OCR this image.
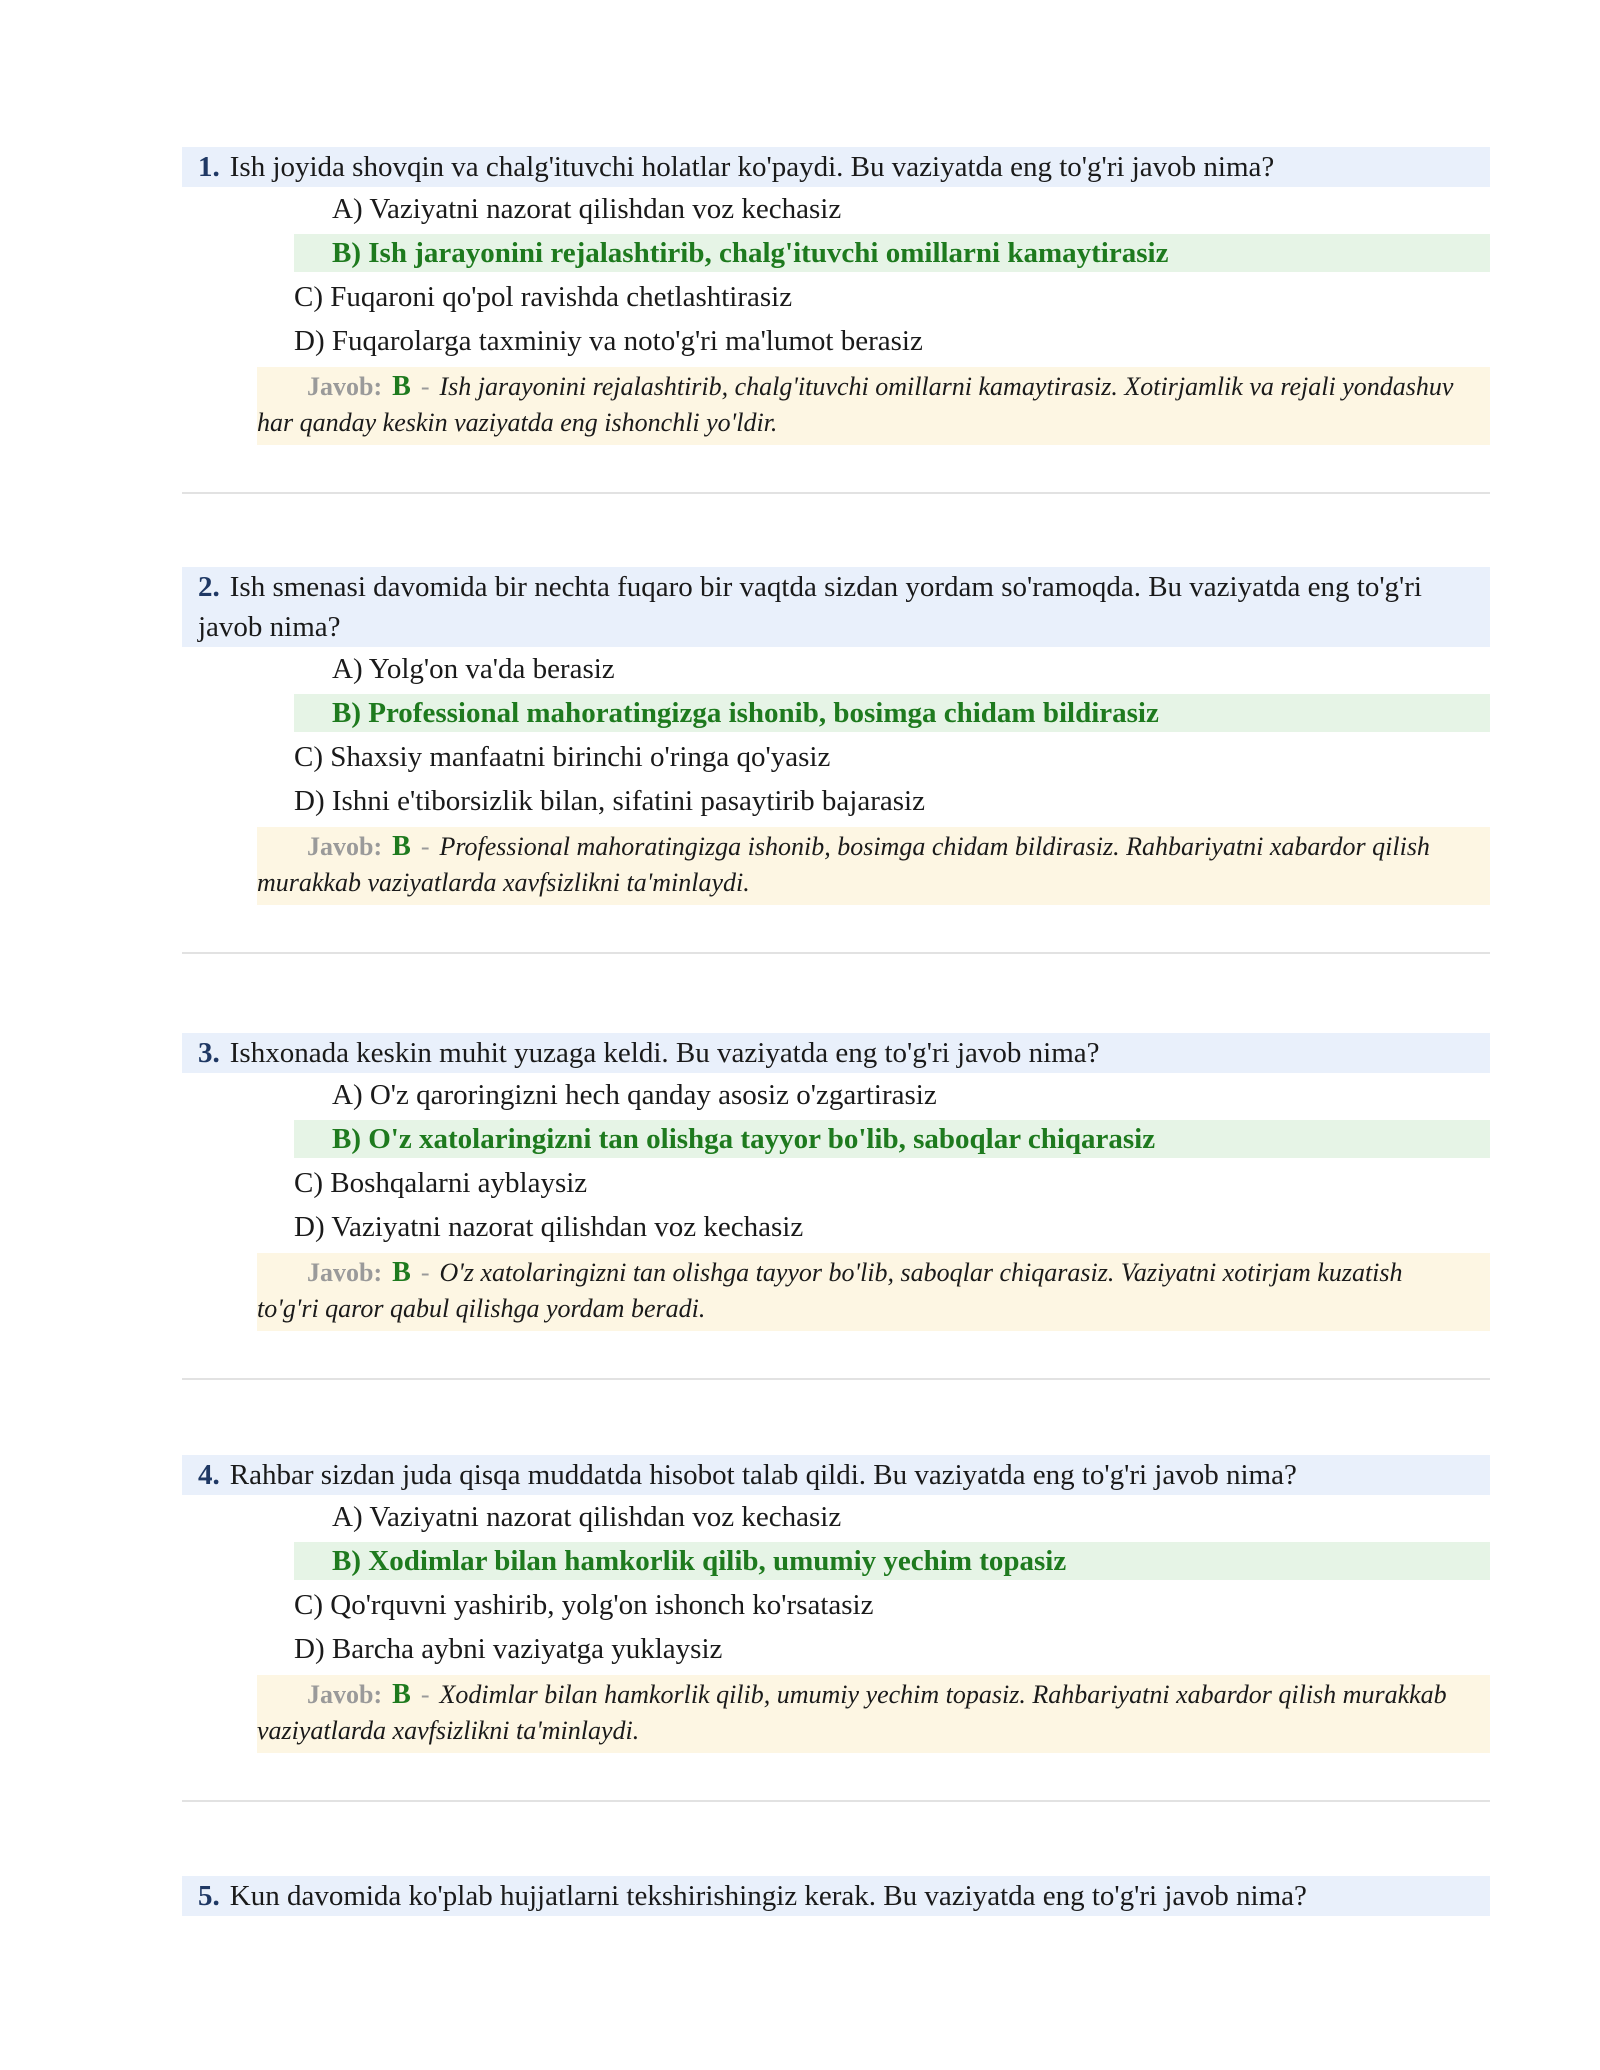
1. Ish joyida shovqin va chalg'ituvchi holatlar ko'paydi. Bu vaziyatda eng to'g'ri javob nima?
A) Vaziyatni nazorat qilishdan voz kechasiz
B) Ish jarayonini rejalashtirib, chalg'ituvchi omillarni kamaytirasiz
C) Fuqaroni qo'pol ravishda chetlashtirasiz
D) Fuqarolarga taxminiy va noto'g'ri ma'lumot berasiz
Javob: B - Ish jarayonini rejalashtirib, chalg'ituvchi omillarni kamaytirasiz. Xotirjamlik va rejali yondashuv har qanday keskin vaziyatda eng ishonchli yo'ldir.
2. Ish smenasi davomida bir nechta fuqaro bir vaqtda sizdan yordam so'ramoqda. Bu vaziyatda eng to'g'ri javob nima?
A) Yolg'on va'da berasiz
B) Professional mahoratingizga ishonib, bosimga chidam bildirasiz
C) Shaxsiy manfaatni birinchi o'ringa qo'yasiz
D) Ishni e'tiborsizlik bilan, sifatini pasaytirib bajarasiz
Javob: B - Professional mahoratingizga ishonib, bosimga chidam bildirasiz. Rahbariyatni xabardor qilish murakkab vaziyatlarda xavfsizlikni ta'minlaydi.
3. Ishxonada keskin muhit yuzaga keldi. Bu vaziyatda eng to'g'ri javob nima?
A) O'z qaroringizni hech qanday asosiz o'zgartirasiz
B) O'z xatolaringizni tan olishga tayyor bo'lib, saboqlar chiqarasiz
C) Boshqalarni ayblaysiz
D) Vaziyatni nazorat qilishdan voz kechasiz
Javob: B - O'z xatolaringizni tan olishga tayyor bo'lib, saboqlar chiqarasiz. Vaziyatni xotirjam kuzatish to'g'ri qaror qabul qilishga yordam beradi.
4. Rahbar sizdan juda qisqa muddatda hisobot talab qildi. Bu vaziyatda eng to'g'ri javob nima?
A) Vaziyatni nazorat qilishdan voz kechasiz
B) Xodimlar bilan hamkorlik qilib, umumiy yechim topasiz
C) Qo'rquvni yashirib, yolg'on ishonch ko'rsatasiz
D) Barcha aybni vaziyatga yuklaysiz
Javob: B - Xodimlar bilan hamkorlik qilib, umumiy yechim topasiz. Rahbariyatni xabardor qilish murakkab vaziyatlarda xavfsizlikni ta'minlaydi.
5. Kun davomida ko'plab hujjatlarni tekshirishingiz kerak. Bu vaziyatda eng to'g'ri javob nima?
